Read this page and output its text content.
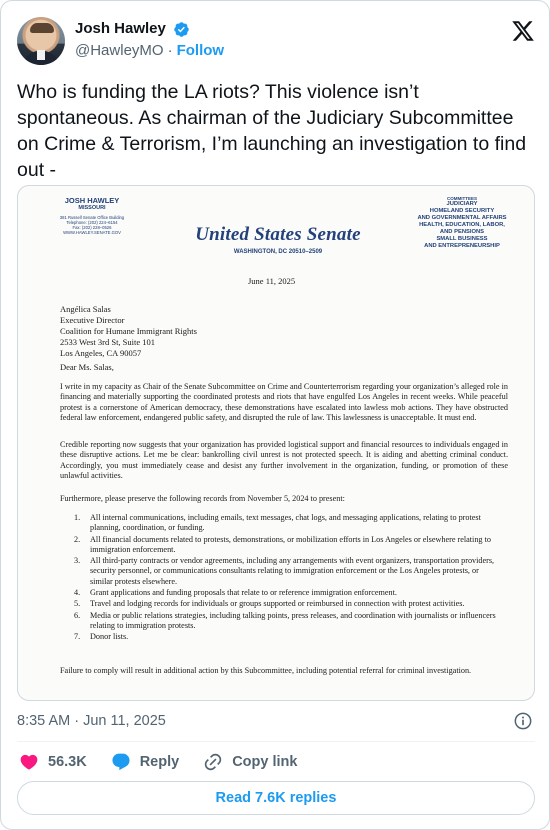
Josh Hawley
@HawleyMO · Follow
Who is funding the LA riots? This violence isn’t spontaneous. As chairman of the Judiciary Subcommittee on Crime & Terrorism, I’m launching an investigation to find out -
JOSH HAWLEY
MISSOURI
381 Russell Senate Office Building
Telephone: (202) 224–6154
Fax: (202) 228–0526
WWW.HAWLEY.SENATE.GOV	United States Senate
WASHINGTON, DC 20510–2509
COMMITTEES
JUDICIARY
HOMELAND SECURITY
AND GOVERNMENTAL AFFAIRS
HEALTH, EDUCATION, LABOR,
AND PENSIONS
SMALL BUSINESS
AND ENTREPRENEURSHIP
June 11, 2025
Angélica Salas
Executive Director
Coalition for Humane Immigrant Rights
2533 West 3rd St, Suite 101
Los Angeles, CA 90057
Dear Ms. Salas,
I write in my capacity as Chair of the Senate Subcommittee on Crime and Counterterrorism regarding your organization’s alleged role in financing and materially supporting the coordinated protests and riots that have engulfed Los Angeles in recent weeks. While peaceful protest is a cornerstone of American democracy, these demonstrations have escalated into lawless mob actions. They have obstructed federal law enforcement, endangered public safety, and disrupted the rule of law. This lawlessness is unacceptable. It must end.
Credible reporting now suggests that your organization has provided logistical support and financial resources to individuals engaged in these disruptive actions. Let me be clear: bankrolling civil unrest is not protected speech. It is aiding and abetting criminal conduct. Accordingly, you must immediately cease and desist any further involvement in the organization, funding, or promotion of these unlawful activities.
Furthermore, please preserve the following records from November 5, 2024 to present:
1. All internal communications, including emails, text messages, chat logs, and messaging applications, relating to protest planning, coordination, or funding.
2. All financial documents related to protests, demonstrations, or mobilization efforts in Los Angeles or elsewhere relating to immigration enforcement.
3. All third-party contracts or vendor agreements, including any arrangements with event organizers, transportation providers, security personnel, or communications consultants relating to immigration enforcement or the Los Angeles protests, or similar protests elsewhere.
4. Grant applications and funding proposals that relate to or reference immigration enforcement.
5. Travel and lodging records for individuals or groups supported or reimbursed in connection with protest activities.
6. Media or public relations strategies, including talking points, press releases, and coordination with journalists or influencers relating to immigration protests.
7. Donor lists.
Failure to comply will result in additional action by this Subcommittee, including potential referral for criminal investigation.
8:35 AM · Jun 11, 2025
56.3K	Reply	Copy link
Read 7.6K replies
